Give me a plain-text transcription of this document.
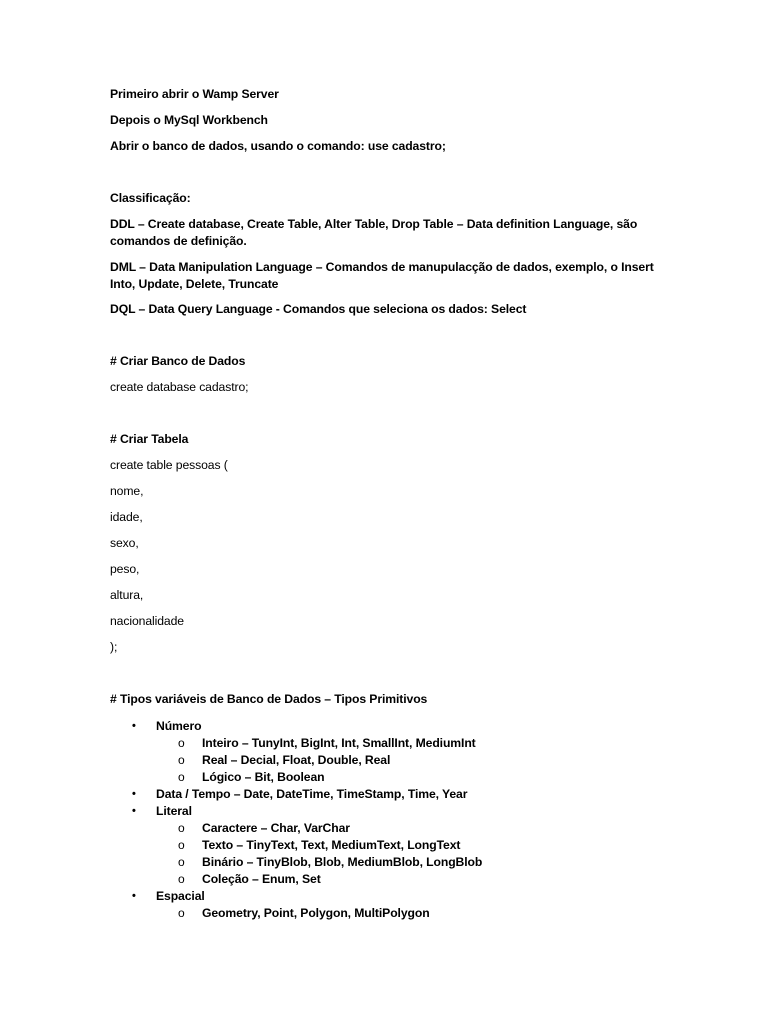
Primeiro abrir o Wamp Server

Depois o MySql Workbench

Abrir o banco de dados, usando o comando: use cadastro;

Classificação:

DDL – Create database, Create Table, Alter Table, Drop Table – Data definition Language, são comandos de definição.

DML – Data Manipulation Language – Comandos de manupulacção de dados, exemplo, o Insert Into, Update, Delete, Truncate

DQL – Data Query Language - Comandos que seleciona os dados: Select

# Criar Banco de Dados

create database cadastro;

# Criar Tabela

create table pessoas (

nome,

idade,

sexo,

peso,

altura,

nacionalidade

);

# Tipos variáveis de Banco de Dados – Tipos Primitivos

• Número
o Inteiro – TunyInt, BigInt, Int, SmallInt, MediumInt
o Real – Decial, Float, Double, Real
o Lógico – Bit, Boolean
• Data / Tempo – Date, DateTime, TimeStamp, Time, Year
• Literal
o Caractere – Char, VarChar
o Texto – TinyText, Text, MediumText, LongText
o Binário – TinyBlob, Blob, MediumBlob, LongBlob
o Coleção – Enum, Set
• Espacial
o Geometry, Point, Polygon, MultiPolygon
